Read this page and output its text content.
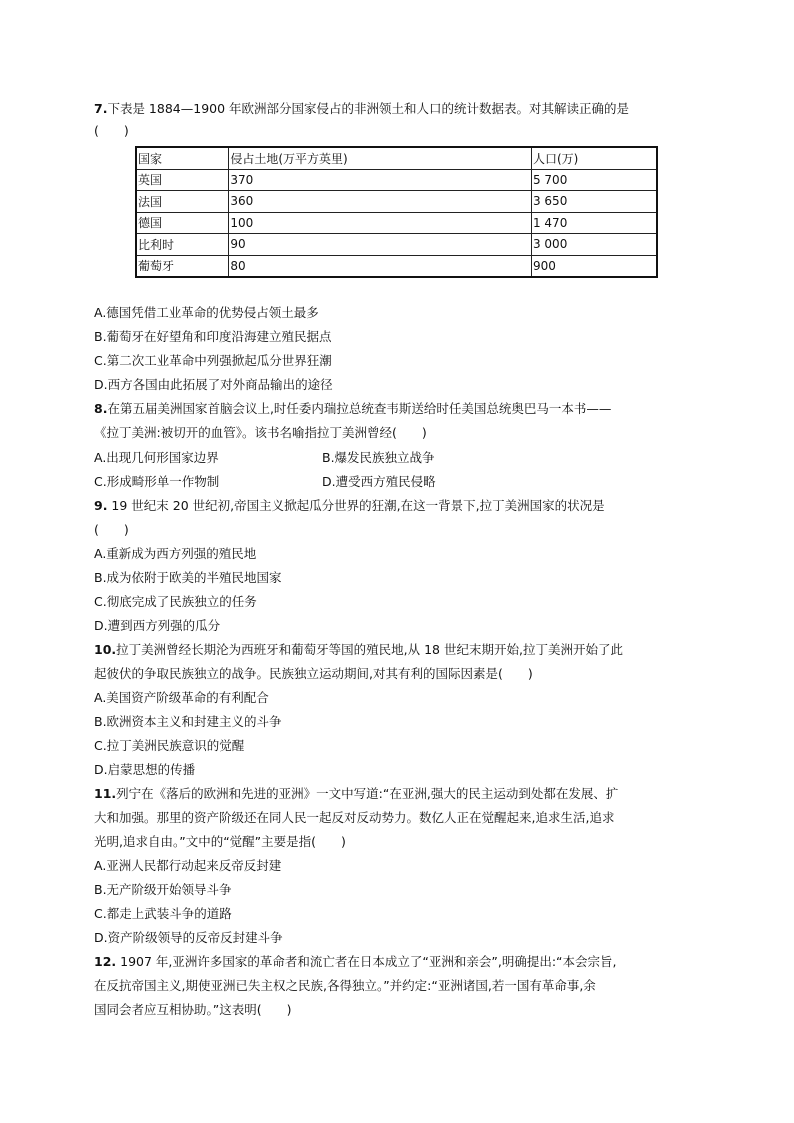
7.下表是 1884—1900 年欧洲部分国家侵占的非洲领土和人口的统计数据表。对其解读正确的是
(　　)
国家	侵占土地(万平方英里)	人口(万)
英国	370	5 700
法国	360	3 650
德国	100	1 470
比利时	90	3 000
葡萄牙	80	900
A.德国凭借工业革命的优势侵占领土最多
B.葡萄牙在好望角和印度沿海建立殖民据点
C.第二次工业革命中列强掀起瓜分世界狂潮
D.西方各国由此拓展了对外商品输出的途径
8.在第五届美洲国家首脑会议上,时任委内瑞拉总统查韦斯送给时任美国总统奥巴马一本书——
《拉丁美洲:被切开的血管》。该书名喻指拉丁美洲曾经(　　)
A.出现几何形国家边界	B.爆发民族独立战争
C.形成畸形单一作物制	D.遭受西方殖民侵略
9. 19 世纪末 20 世纪初,帝国主义掀起瓜分世界的狂潮,在这一背景下,拉丁美洲国家的状况是
(　　)
A.重新成为西方列强的殖民地
B.成为依附于欧美的半殖民地国家
C.彻底完成了民族独立的任务
D.遭到西方列强的瓜分
10.拉丁美洲曾经长期沦为西班牙和葡萄牙等国的殖民地,从 18 世纪末期开始,拉丁美洲开始了此
起彼伏的争取民族独立的战争。民族独立运动期间,对其有利的国际因素是(　　)
A.美国资产阶级革命的有利配合
B.欧洲资本主义和封建主义的斗争
C.拉丁美洲民族意识的觉醒
D.启蒙思想的传播
11.列宁在《落后的欧洲和先进的亚洲》一文中写道:“在亚洲,强大的民主运动到处都在发展、扩
大和加强。那里的资产阶级还在同人民一起反对反动势力。数亿人正在觉醒起来,追求生活,追求
光明,追求自由。”文中的“觉醒”主要是指(　　)
A.亚洲人民都行动起来反帝反封建
B.无产阶级开始领导斗争
C.都走上武装斗争的道路
D.资产阶级领导的反帝反封建斗争
12. 1907 年,亚洲许多国家的革命者和流亡者在日本成立了“亚洲和亲会”,明确提出:“本会宗旨,
在反抗帝国主义,期使亚洲已失主权之民族,各得独立。”并约定:“亚洲诸国,若一国有革命事,余
国同会者应互相协助。”这表明(　　)
